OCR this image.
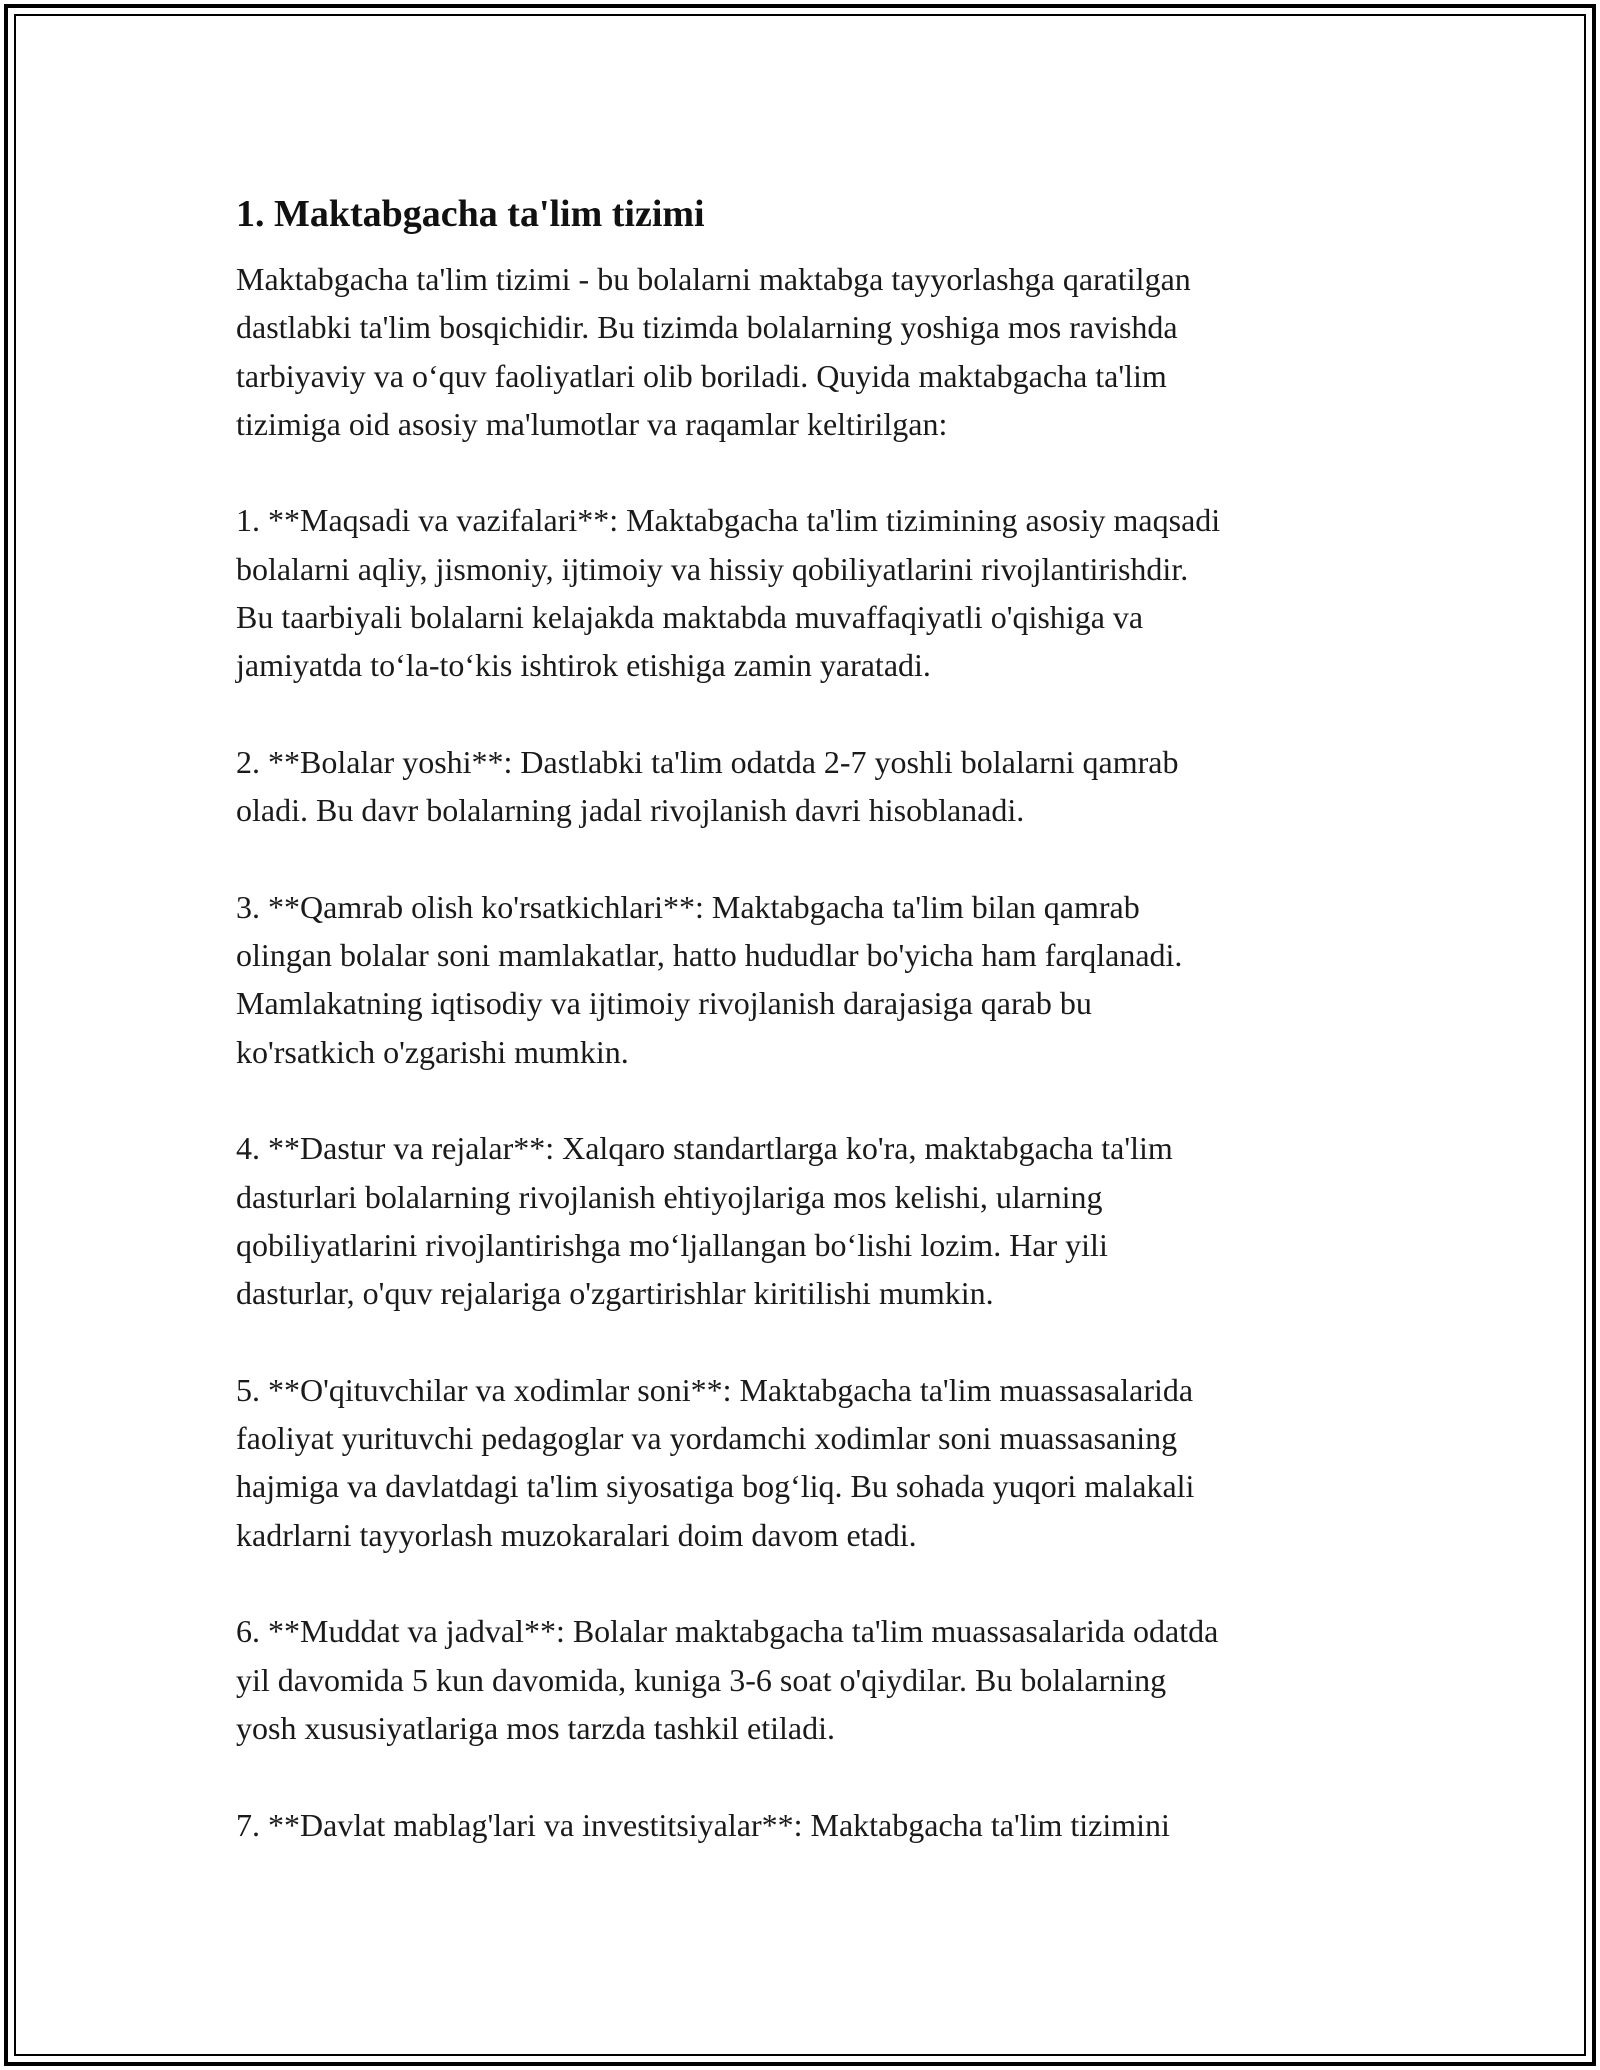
1. Maktabgacha ta'lim tizimi
Maktabgacha ta'lim tizimi - bu bolalarni maktabga tayyorlashga qaratilgan
dastlabki ta'lim bosqichidir. Bu tizimda bolalarning yoshiga mos ravishda
tarbiyaviy va o‘quv faoliyatlari olib boriladi. Quyida maktabgacha ta'lim
tizimiga oid asosiy ma'lumotlar va raqamlar keltirilgan:
1. **Maqsadi va vazifalari**: Maktabgacha ta'lim tizimining asosiy maqsadi
bolalarni aqliy, jismoniy, ijtimoiy va hissiy qobiliyatlarini rivojlantirishdir.
Bu taarbiyali bolalarni kelajakda maktabda muvaffaqiyatli o'qishiga va
jamiyatda to‘la-to‘kis ishtirok etishiga zamin yaratadi.
2. **Bolalar yoshi**: Dastlabki ta'lim odatda 2-7 yoshli bolalarni qamrab
oladi. Bu davr bolalarning jadal rivojlanish davri hisoblanadi.
3. **Qamrab olish ko'rsatkichlari**: Maktabgacha ta'lim bilan qamrab
olingan bolalar soni mamlakatlar, hatto hududlar bo'yicha ham farqlanadi.
Mamlakatning iqtisodiy va ijtimoiy rivojlanish darajasiga qarab bu
ko'rsatkich o'zgarishi mumkin.
4. **Dastur va rejalar**: Xalqaro standartlarga ko'ra, maktabgacha ta'lim
dasturlari bolalarning rivojlanish ehtiyojlariga mos kelishi, ularning
qobiliyatlarini rivojlantirishga mo‘ljallangan bo‘lishi lozim. Har yili
dasturlar, o'quv rejalariga o'zgartirishlar kiritilishi mumkin.
5. **O'qituvchilar va xodimlar soni**: Maktabgacha ta'lim muassasalarida
faoliyat yurituvchi pedagoglar va yordamchi xodimlar soni muassasaning
hajmiga va davlatdagi ta'lim siyosatiga bog‘liq. Bu sohada yuqori malakali
kadrlarni tayyorlash muzokaralari doim davom etadi.
6. **Muddat va jadval**: Bolalar maktabgacha ta'lim muassasalarida odatda
yil davomida 5 kun davomida, kuniga 3-6 soat o'qiydilar. Bu bolalarning
yosh xususiyatlariga mos tarzda tashkil etiladi.
7. **Davlat mablag'lari va investitsiyalar**: Maktabgacha ta'lim tizimini
